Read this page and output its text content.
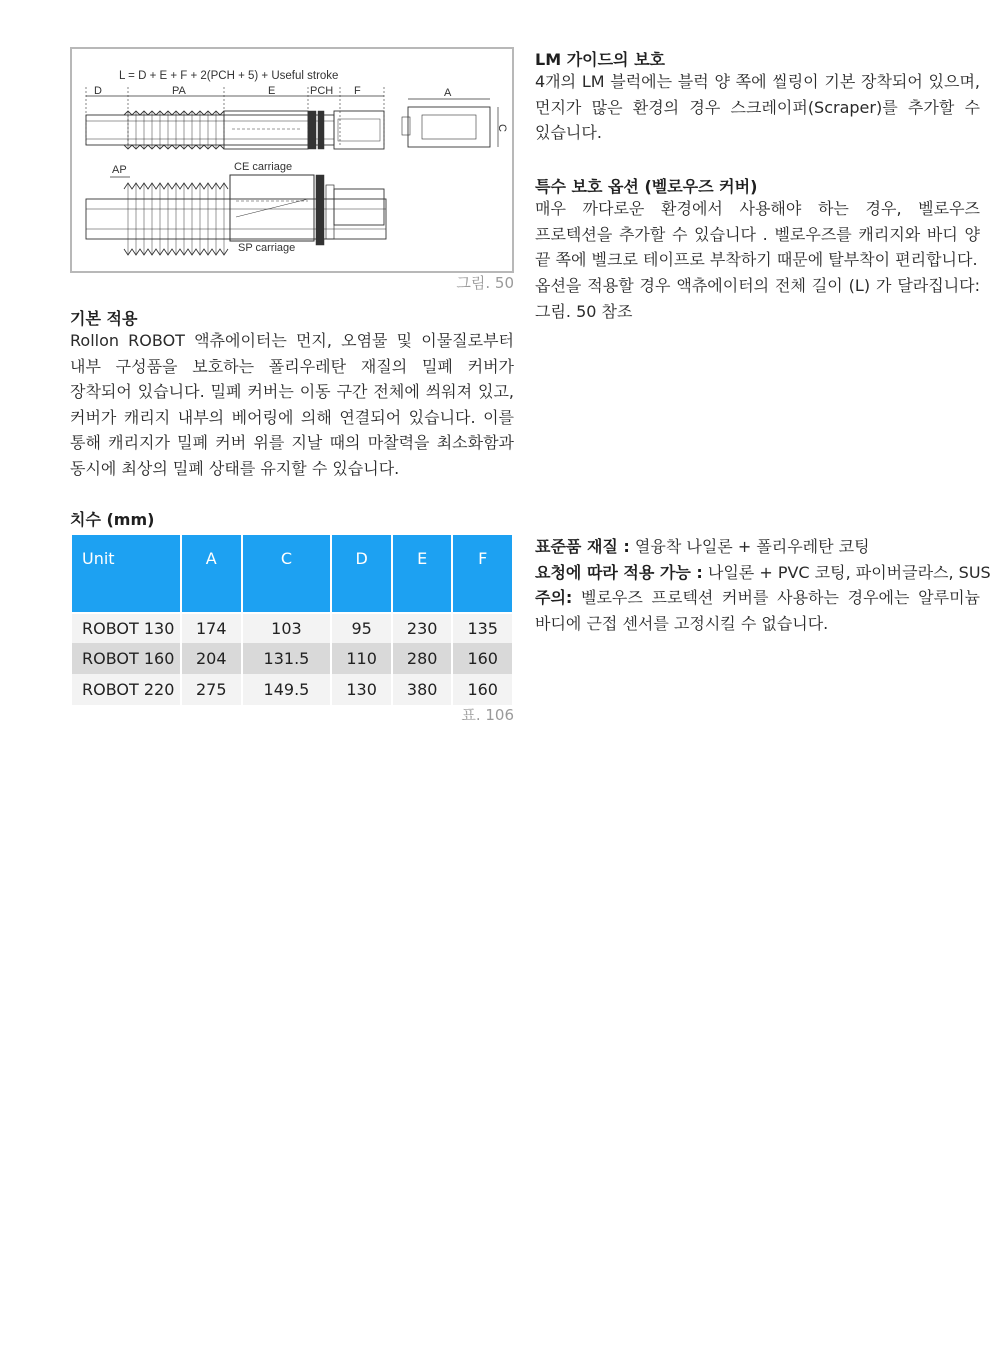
L = D + E + F + 2(PCH + 5) + Useful stroke
D	PA	E	PCH F	A
C
CE carriage
AP
SP carriage
그림. 50
기본 적용
Rollon ROBOT 액츄에이터는 먼지, 오염물 및 이물질로부터 내부 구성품을 보호하는 폴리우레탄 재질의 밀폐 커버가 장착되어 있습니다. 밀폐 커버는 이동 구간 전체에 씌워져 있고, 커버가 캐리지 내부의 베어링에 의해 연결되어 있습니다. 이를 통해 캐리지가 밀폐 커버 위를 지날 때의 마찰력을 최소화함과 동시에 최상의 밀폐 상태를 유지할 수 있습니다.
LM 가이드의 보호
4개의 LM 블럭에는 블럭 양 쪽에 씰링이 기본 장착되어 있으며, 먼지가 많은 환경의 경우 스크레이퍼(Scraper)를 추가할 수 있습니다.
특수 보호 옵션 (벨로우즈 커버)
매우 까다로운 환경에서 사용해야 하는 경우, 벨로우즈 프로텍션을 추가할 수 있습니다 . 벨로우즈를 캐리지와 바디 양 끝 쪽에 벨크로 테이프로 부착하기 때문에 탈부착이 편리합니다.
옵션을 적용할 경우 액츄에이터의 전체 길이 (L) 가 달라집니다: 그림. 50 참조
치수 (mm)
Unit	A	C	D	E	F
ROBOT 130	174	103	95	230	135
ROBOT 160	204	131.5	110	280	160
ROBOT 220	275	149.5	130	380	160
표. 106
표준품 재질 : 열융착 나일론 + 폴리우레탄 코팅
요청에 따라 적용 가능 : 나일론 + PVC 코팅, 파이버글라스, SUS
주의: 벨로우즈 프로텍션 커버를 사용하는 경우에는 알루미늄 바디에 근접 센서를 고정시킬 수 없습니다.
